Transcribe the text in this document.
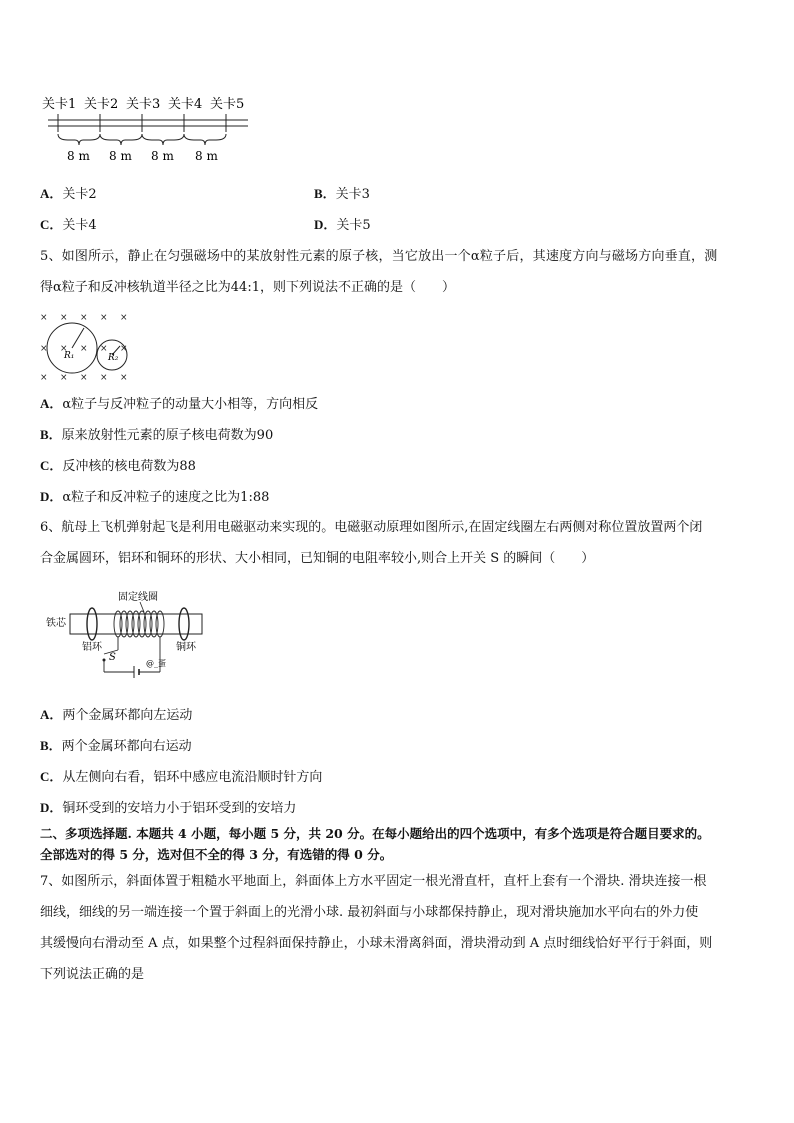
关卡1 关卡2 关卡3 关卡4 关卡5
8 m 8 m 8 m 8 m
A．关卡2	B．关卡3
C．关卡4	D．关卡5
5、如图所示，静止在匀强磁场中的某放射性元素的原子核，当它放出一个α粒子后，其速度方向与磁场方向垂直，测
得α粒子和反冲核轨道半径之比为44:1，则下列说法不正确的是（　　）
× × × × ×
× × × × ×
× × × × ×
R₁	R₂
A．α粒子与反冲粒子的动量大小相等，方向相反
B．原来放射性元素的原子核电荷数为90
C．反冲核的核电荷数为88
D．α粒子和反冲粒子的速度之比为1:88
6、航母上飞机弹射起飞是利用电磁驱动来实现的。电磁驱动原理如图所示,在固定线圈左右两侧对称位置放置两个闭
合金属圆环，铝环和铜环的形状、大小相同，已知铜的电阻率较小,则合上开关 S 的瞬间（　　）
固定线圈
铁芯
铝环	铜环
S
@_蛋
A．两个金属环都向左运动
B．两个金属环都向右运动
C．从左侧向右看，铝环中感应电流沿顺时针方向
D．铜环受到的安培力小于铝环受到的安培力
二、多项选择题. 本题共 4 小题，每小题 5 分，共 20 分。在每小题给出的四个选项中，有多个选项是符合题目要求的。
全部选对的得 5 分，选对但不全的得 3 分，有选错的得 0 分。
7、如图所示，斜面体置于粗糙水平地面上，斜面体上方水平固定一根光滑直杆，直杆上套有一个滑块. 滑块连接一根
细线，细线的另一端连接一个置于斜面上的光滑小球. 最初斜面与小球都保持静止，现对滑块施加水平向右的外力使
其缓慢向右滑动至 A 点，如果整个过程斜面保持静止，小球未滑离斜面，滑块滑动到 A 点时细线恰好平行于斜面，则
下列说法正确的是
